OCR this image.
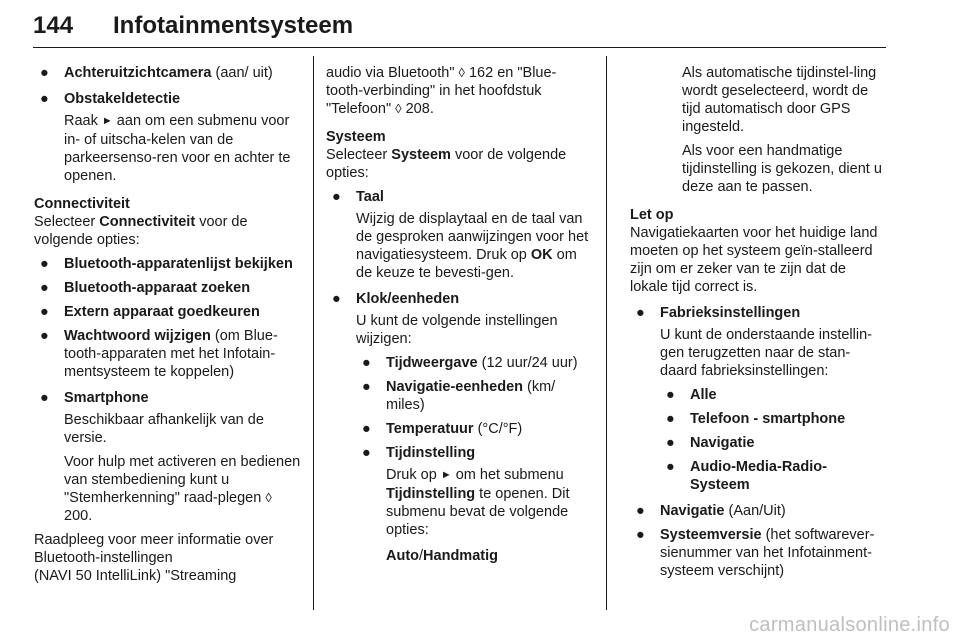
144 Infotainmentsysteem
● Achteruitzichtcamera (aan/ uit)
● Obstakeldetectie

Raak ► aan om een submenu voor in- of uitscha-kelen van de parkeersenso-ren voor en achter te openen.

Connectiviteit

Selecteer Connectiviteit voor de volgende opties:

● Bluetooth-apparatenlijst bekijken
● Bluetooth-apparaat zoeken
● Extern apparaat goedkeuren
● Wachtwoord wijzigen (om Blue-tooth-apparaten met het Infotain-mentsysteem te koppelen)
● Smartphone

Beschikbaar afhankelijk van de versie.

Voor hulp met activeren en bedienen van stembediening kunt u "Stemherkenning" raad-plegen ◊ 200.

Raadpleeg voor meer informatie over Bluetooth-instellingen

(NAVI 50 IntelliLink) "Streaming

audio via Bluetooth" ◊ 162 en "Blue-tooth-verbinding" in het hoofdstuk "Telefoon" ◊ 208.

Systeem

Selecteer Systeem voor de volgende opties:

● Taal

Wijzig de displaytaal en de taal van de gesproken aanwijzingen voor het navigatiesysteem. Druk op OK om de keuze te bevesti-gen.

● Klok/eenheden

U kunt de volgende instellingen wijzigen:

● Tijdweergave (12 uur/24 uur)
● Navigatie-eenheden (km/ miles)
● Temperatuur (°C/°F)
● Tijdinstelling

Druk op ► om het submenu Tijdinstelling te openen. Dit submenu bevat de volgende opties:

Auto/Handmatig

Als automatische tijdinstel-ling wordt geselecteerd, wordt de tijd automatisch door GPS ingesteld.

Als voor een handmatige tijdinstelling is gekozen, dient u deze aan te passen.

Let op

Navigatiekaarten voor het huidige land moeten op het systeem geïn-stalleerd zijn om er zeker van te zijn dat de lokale tijd correct is.

● Fabrieksinstellingen

U kunt de onderstaande instellin-gen terugzetten naar de stan-daard fabrieksinstellingen:

● Alle
● Telefoon - smartphone
● Navigatie
● Audio-Media-Radio-Systeem
● Navigatie (Aan/Uit)
● Systeemversie (het softwarever-sienummer van het Infotainment-systeem verschijnt)
carmanualsonline.info
